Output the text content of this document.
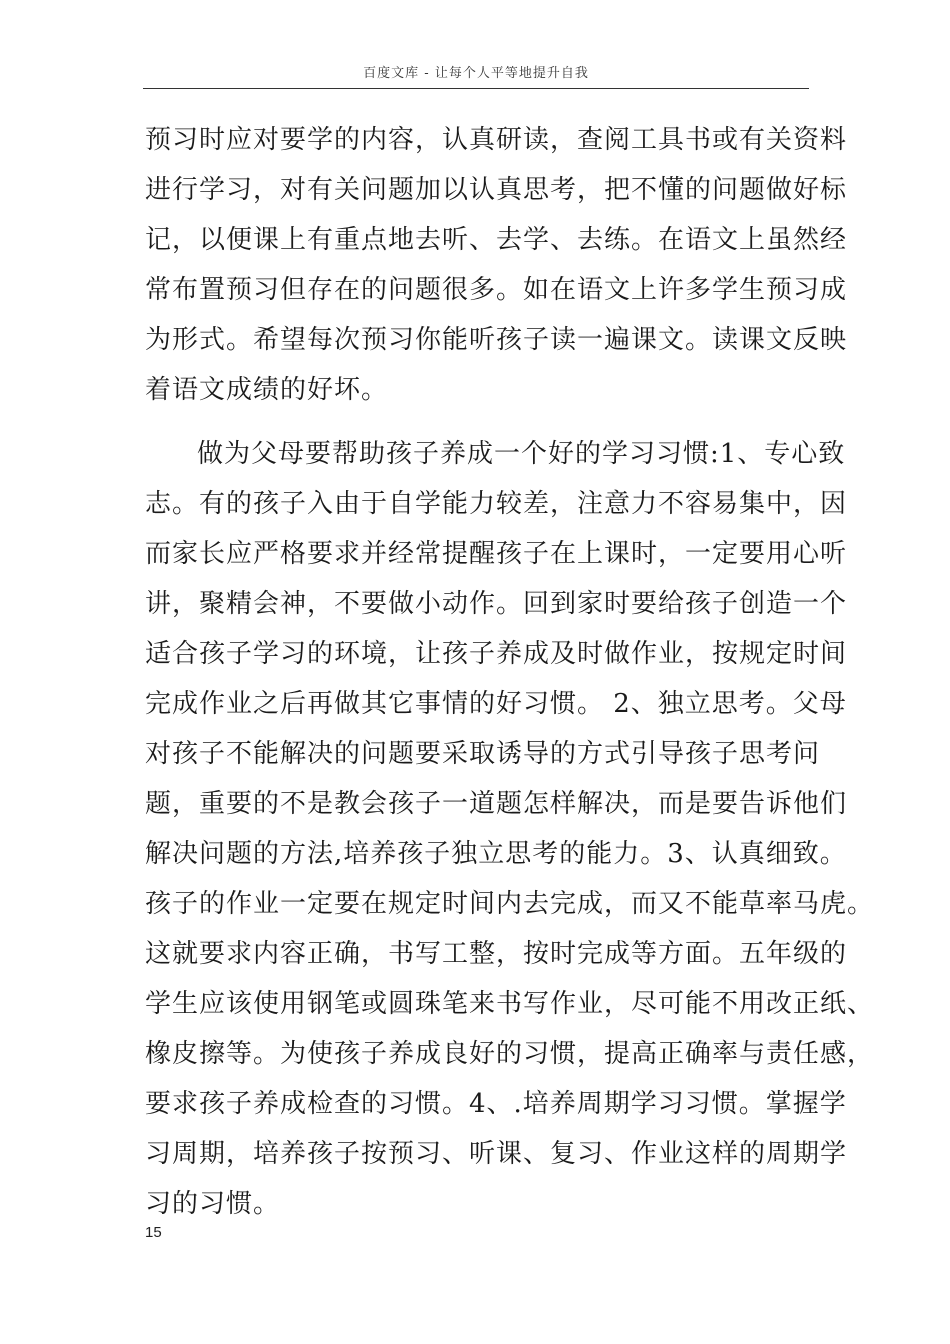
百度文库 - 让每个人平等地提升自我
预习时应对要学的内容，认真研读，查阅工具书或有关资料
进行学习，对有关问题加以认真思考，把不懂的问题做好标
记，以便课上有重点地去听、去学、去练。在语文上虽然经
常布置预习但存在的问题很多。如在语文上许多学生预习成
为形式。希望每次预习你能听孩子读一遍课文。读课文反映
着语文成绩的好坏。
做为父母要帮助孩子养成一个好的学习习惯:1、专心致
志。有的孩子入由于自学能力较差，注意力不容易集中，因
而家长应严格要求并经常提醒孩子在上课时，一定要用心听
讲，聚精会神，不要做小动作。回到家时要给孩子创造一个
适合孩子学习的环境，让孩子养成及时做作业，按规定时间
完成作业之后再做其它事情的好习惯。 2、独立思考。父母
对孩子不能解决的问题要采取诱导的方式引导孩子思考问
题，重要的不是教会孩子一道题怎样解决，而是要告诉他们
解决问题的方法,培养孩子独立思考的能力。3、认真细致。
孩子的作业一定要在规定时间内去完成，而又不能草率马虎。
这就要求内容正确，书写工整，按时完成等方面。五年级的
学生应该使用钢笔或圆珠笔来书写作业，尽可能不用改正纸、
橡皮擦等。为使孩子养成良好的习惯，提高正确率与责任感，
要求孩子养成检查的习惯。4、.培养周期学习习惯。掌握学
习周期，培养孩子按预习、听课、复习、作业这样的周期学
习的习惯。
15
